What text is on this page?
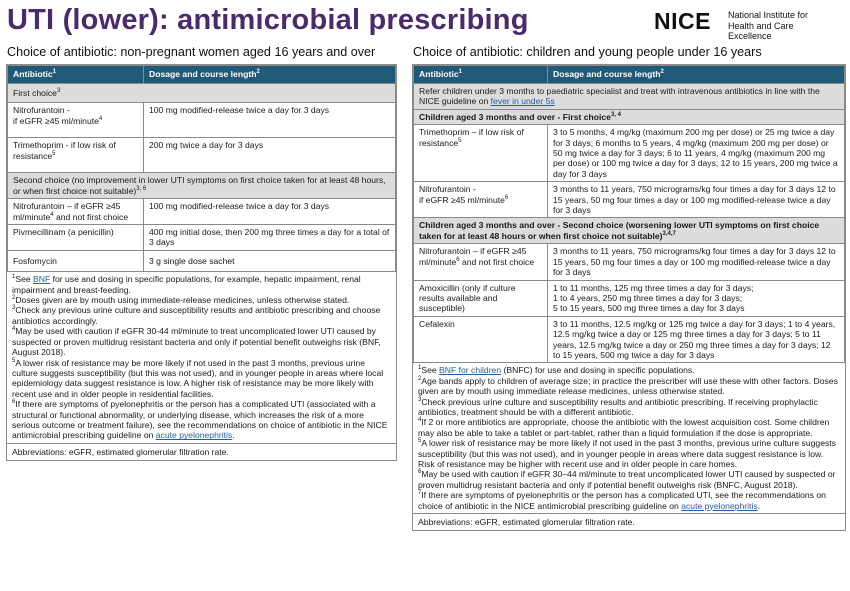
UTI (lower): antimicrobial prescribing	NICE National Institute for
Health and Care Excellence
Choice of antibiotic: non-pregnant women aged 16 years and over
Antibiotic$^1$	Dosage and course length$^2$
First choice$^3$
Nitrofurantoin -
if eGFR ≥45 ml/minute$^4$	100 mg modified-release twice a day for 3 days
Trimethoprim - if low risk of resistance$^5$	200 mg twice a day for 3 days
Second choice (no improvement in lower UTI symptoms on first choice taken for at least 48 hours, or when first choice not suitable)$^{3, 6}$
Nitrofurantoin – if eGFR ≥45 ml/minute$^4$ and not first choice	100 mg modified-release twice a day for 3 days
Pivmecillinam (a penicillin)	400 mg initial dose, then 200 mg three times a day for a total of 3 days
Fosfomycin	3 g single dose sachet

$^1$See BNF for use and dosing in specific populations, for example, hepatic impairment, renal impairment and breast-feeding.

$^2$Doses given are by mouth using immediate-release medicines, unless otherwise stated.

$^3$Check any previous urine culture and susceptibility results and antibiotic prescribing and choose antibiotics accordingly.

$^4$May be used with caution if eGFR 30-44 ml/minute to treat uncomplicated lower UTI caused by suspected or proven multidrug resistant bacteria and only if potential benefit outweighs risk (BNF, August 2018).

$^5$A lower risk of resistance may be more likely if not used in the past 3 months, previous urine culture suggests susceptibility (but this was not used), and in younger people in areas where local epidemiology data suggest resistance is low. A higher risk of resistance may be more likely with recent use and in older people in residential facilities.

$^6$If there are symptoms of pyelonephritis or the person has a complicated UTI (associated with a structural or functional abnormality, or underlying disease, which increases the risk of a more serious outcome or treatment failure), see the recommendations on choice of antibiotic in the NICE antimicrobial prescribing guideline on acute pyelonephritis.

Abbreviations: eGFR, estimated glomerular filtration rate.
Choice of antibiotic: children and young people under 16 years
Antibiotic$^1$	Dosage and course length$^2$
Refer children under 3 months to paediatric specialist and treat with intravenous antibiotics in line with the NICE guideline on fever in under 5s	
Children aged 3 months and over - First choice$^{3, 4}$
Trimethoprim – if low risk of resistance$^5$	3 to 5 months, 4 mg/kg (maximum 200 mg per dose) or 25 mg twice a day for 3 days; 6 months to 5 years, 4 mg/kg (maximum 200 mg per dose) or 50 mg twice a day for 3 days; 6 to 11 years, 4 mg/kg (maximum 200 mg per dose) or 100 mg twice a day for 3 days; 12 to 15 years, 200 mg twice a day for 3 days
Nitrofurantoin -
if eGFR ≥45 ml/minute$^6$	3 months to 11 years, 750 micrograms/kg four times a day for 3 days 12 to 15 years, 50 mg four times a day or 100 mg modified-release twice a day for 3 days
Children aged 3 months and over - Second choice (worsening lower UTI symptoms on first choice taken for at least 48 hours or when first choice not suitable)$^{3,4,7}$
Nitrofurantoin – if eGFR ≥45 ml/minute$^6$ and not first choice	3 months to 11 years, 750 micrograms/kg four times a day for 3 days 12 to 15 years, 50 mg four times a day or 100 mg modified-release twice a day for 3 days
Amoxicillin (only if culture results available and susceptible)	1 to 11 months, 125 mg three times a day for 3 days;
1 to 4 years, 250 mg three times a day for 3 days;
5 to 15 years, 500 mg three times a day for 3 days
Cefalexin	3 to 11 months, 12.5 mg/kg or 125 mg twice a day for 3 days; 1 to 4 years, 12.5 mg/kg twice a day or 125 mg three times a day for 3 days; 5 to 11 years, 12.5 mg/kg twice a day or 250 mg three times a day for 3 days; 12 to 15 years, 500 mg twice a day for 3 days

$^1$See BNF for children (BNFC) for use and dosing in specific populations.

$^2$Age bands apply to children of average size; in practice the prescriber will use these with other factors. Doses given are by mouth using immediate release medicines, unless otherwise stated.

$^3$Check previous urine culture and susceptibility results and antibiotic prescribing. If receiving prophylactic antibiotics, treatment should be with a different antibiotic.

$^4$If 2 or more antibiotics are appropriate, choose the antibiotic with the lowest acquisition cost. Some children may also be able to take a tablet or part-tablet, rather than a liquid formulation if the dose is appropriate.

$^5$A lower risk of resistance may be more likely if not used in the past 3 months, previous urine culture suggests susceptibility (but this was not used), and in younger people in areas where data suggest resistance is low. Risk of resistance may be higher with recent use and in older people in care homes.

$^6$May be used with caution if eGFR 30–44 ml/minute to treat uncomplicated lower UTI caused by suspected or proven multidrug resistant bacteria and only if potential benefit outweighs risk (BNFC, August 2018).

$^7$If there are symptoms of pyelonephritis or the person has a complicated UTI, see the recommendations on choice of antibiotic in the NICE antimicrobial prescribing guideline on acute pyelonephritis.

Abbreviations: eGFR, estimated glomerular filtration rate.
